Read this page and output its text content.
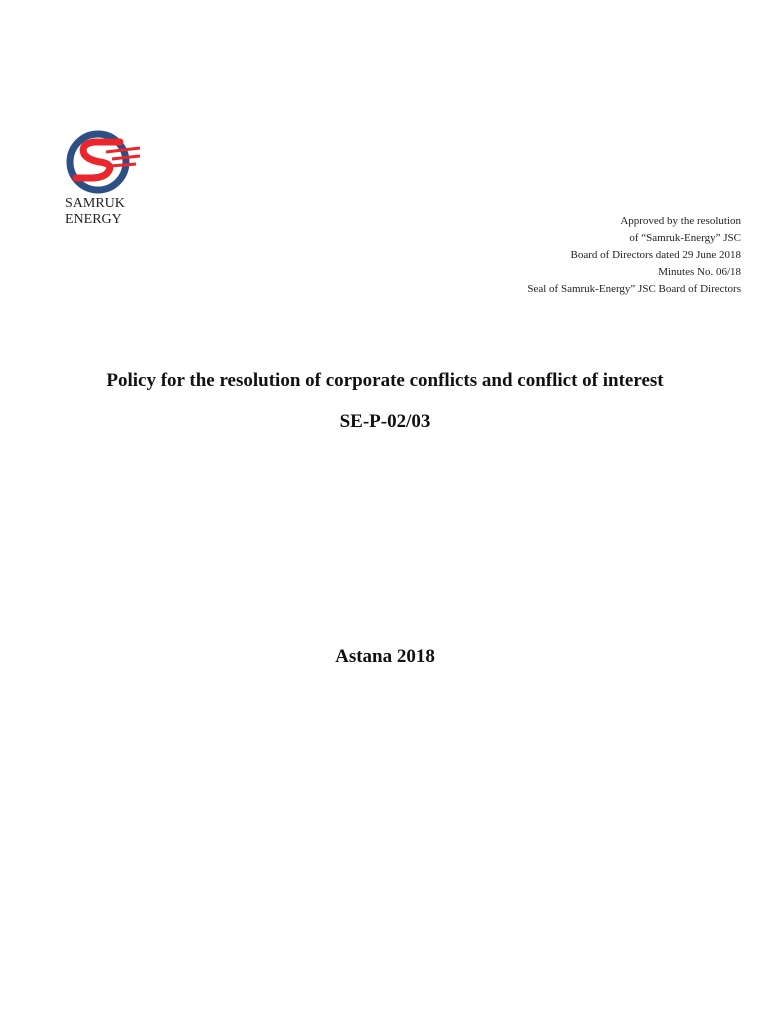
SAMRUK
ENERGY	Approved by the resolution
of “Samruk-Energy” JSC
Board of Directors dated 29 June 2018
Minutes No. 06/18
Seal of Samruk-Energy” JSC Board of Directors
Policy for the resolution of corporate conflicts and conflict of interest
SE-P-02/03
Astana 2018
